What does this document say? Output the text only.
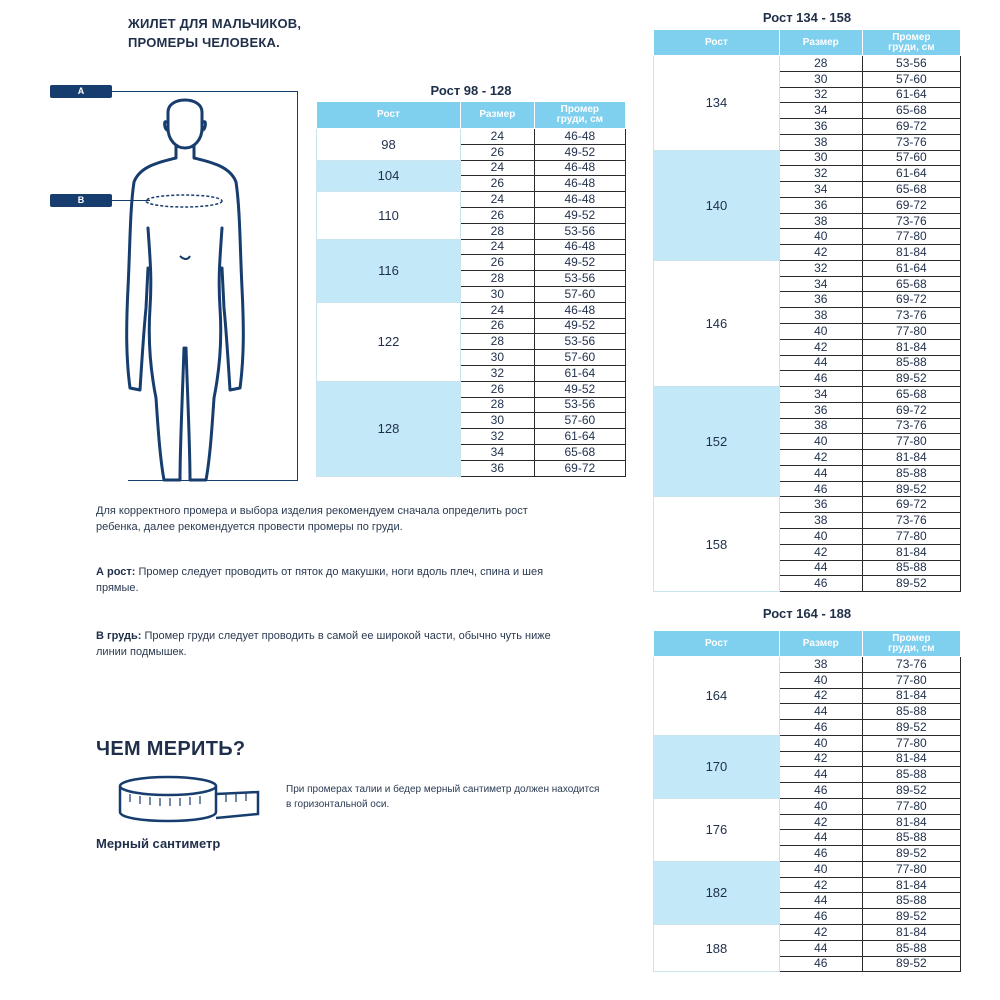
ЖИЛЕТ ДЛЯ МАЛЬЧИКОВ,
ПРОМЕРЫ ЧЕЛОВЕКА.
A
B
Рост 98 - 128
Рост	Размер	Промер
груди, см
98	24	46-48
	26	49-52
104	24	46-48
	26	46-48
110	24	46-48
	26	49-52
	28	53-56
116	24	46-48
	26	49-52
	28	53-56
	30	57-60
122	24	46-48
	26	49-52
	28	53-56
	30	57-60
	32	61-64
128	26	49-52
	28	53-56
	30	57-60
	32	61-64
	34	65-68
	36	69-72
Рост 134 - 158
Рост	Размер	Промер
груди, см
134	28	53-56
	30	57-60
	32	61-64
	34	65-68
	36	69-72
	38	73-76
140	30	57-60
	32	61-64
	34	65-68
	36	69-72
	38	73-76
	40	77-80
	42	81-84
146	32	61-64
	34	65-68
	36	69-72
	38	73-76
	40	77-80
	42	81-84
	44	85-88
	46	89-52
152	34	65-68
	36	69-72
	38	73-76
	40	77-80
	42	81-84
	44	85-88
	46	89-52
158	36	69-72
	38	73-76
	40	77-80
	42	81-84
	44	85-88
	46	89-52
Рост 164 - 188
Рост	Размер	Промер
груди, см
164	38	73-76
	40	77-80
	42	81-84
	44	85-88
	46	89-52
170	40	77-80
	42	81-84
	44	85-88
	46	89-52
176	40	77-80
	42	81-84
	44	85-88
	46	89-52
182	40	77-80
	42	81-84
	44	85-88
	46	89-52
188	42	81-84
	44	85-88
	46	89-52
Для корректного промера и выбора изделия рекомендуем сначала определить рост ребенка, далее рекомендуется провести промеры по груди.
А рост: Промер следует проводить от пяток до макушки, ноги вдоль плеч, спина и шея прямые.
В грудь: Промер груди следует проводить в самой ее широкой части, обычно чуть ниже линии подмышек.
ЧЕМ МЕРИТЬ?
Мерный сантиметр
При промерах талии и бедер мерный сантиметр должен находится в горизонтальной оси.
